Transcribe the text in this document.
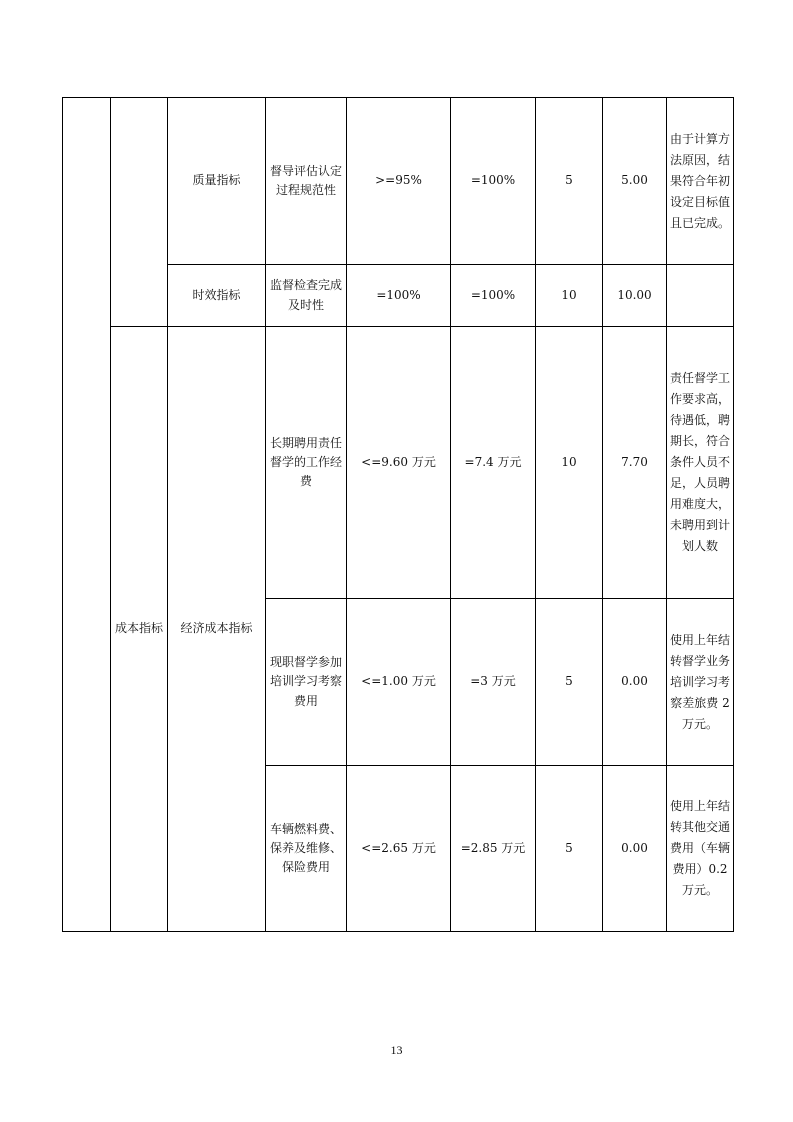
		质量指标	督导评估认定过程规范性	>=95%	=100%	5	5.00	由于计算方法原因，结果符合年初设定目标值且已完成。

		时效指标	监督检查完成及时性	=100%	=100%	10	10.00	

	成本指标	经济成本指标	长期聘用责任督学的工作经费	<=9.60 万元	=7.4 万元	10	7.70	责任督学工作要求高，待遇低，聘期长，符合条件人员不足，人员聘用难度大，未聘用到计划人数

			现职督学参加培训学习考察费用	<=1.00 万元	=3 万元	5	0.00	使用上年结转督学业务培训学习考察差旅费 2 万元。

			车辆燃料费、保养及维修、保险费用	<=2.65 万元	=2.85 万元	5	0.00	使用上年结转其他交通费用（车辆费用）0.2 万元。
13
